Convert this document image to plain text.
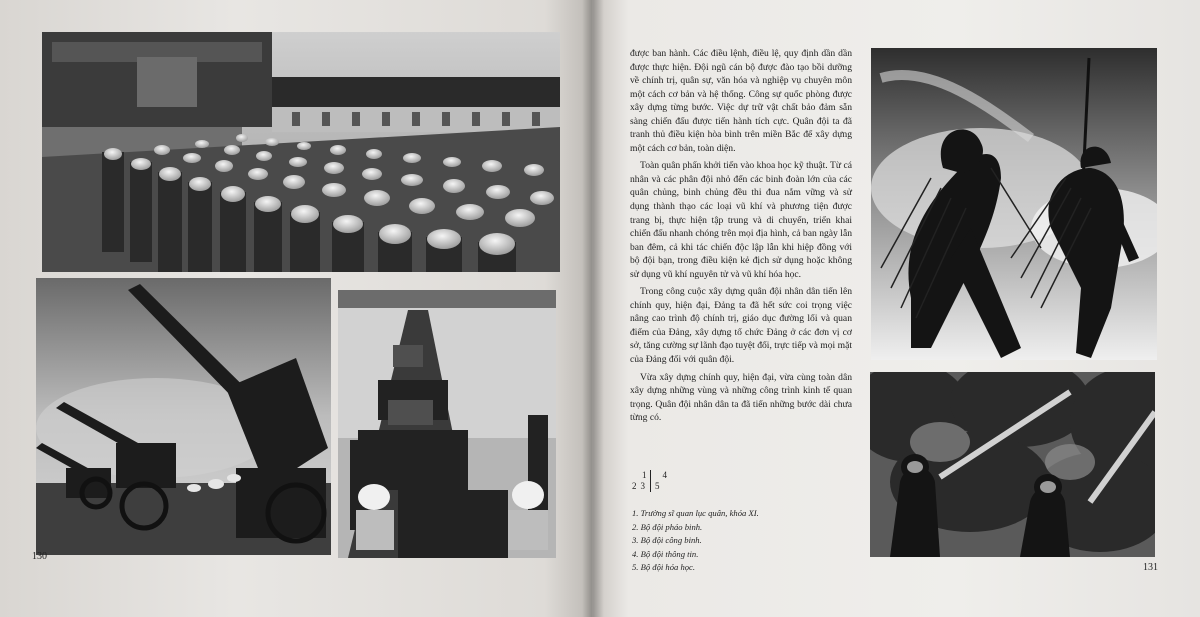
130

được ban hành. Các điều lệnh, điều lệ, quy định dần dần được thực hiện. Đội ngũ cán bộ được đào tạo bồi dưỡng về chính trị, quân sự, văn hóa và nghiệp vụ chuyên môn một cách cơ bản và hệ thống. Công sự quốc phòng được xây dựng từng bước. Việc dự trữ vật chất bảo đảm sẵn sàng chiến đấu được tiến hành tích cực. Quân đội ta đã tranh thủ điều kiện hòa bình trên miền Bắc để xây dựng một cách cơ bản, toàn diện.

Toàn quân phấn khởi tiến vào khoa học kỹ thuật. Từ cá nhân và các phân đội nhỏ đến các binh đoàn lớn của các quân chủng, binh chủng đều thi đua nắm vững và sử dụng thành thạo các loại vũ khí và phương tiện được trang bị, thực hiện tập trung và di chuyển, triển khai chiến đấu nhanh chóng trên mọi địa hình, cả ban ngày lẫn ban đêm, cả khi tác chiến độc lập lẫn khi hiệp đồng với bộ đội bạn, trong điều kiện kẻ địch sử dụng hoặc không sử dụng vũ khí nguyên tử và vũ khí hóa học.

Trong công cuộc xây dựng quân đội nhân dân tiến lên chính quy, hiện đại, Đảng ta đã hết sức coi trọng việc nâng cao trình độ chính trị, giáo dục đường lối và quan điểm của Đảng, xây dựng tổ chức Đảng ở các đơn vị cơ sở, tăng cường sự lãnh đạo tuyệt đối, trực tiếp và mọi mặt của Đảng đối với quân đội.

Vừa xây dựng chính quy, hiện đại, vừa cùng toàn dân xây dựng những vùng và những công trình kinh tế quan trọng. Quân đội nhân dân ta đã tiến những bước dài chưa từng có.

1 4
2 3 5
1. Trường sĩ quan lục quân, khóa XI.
2. Bộ đội pháo binh.
3. Bộ đội công binh.
4. Bộ đội thông tin.
5. Bộ đội hóa học.	131
